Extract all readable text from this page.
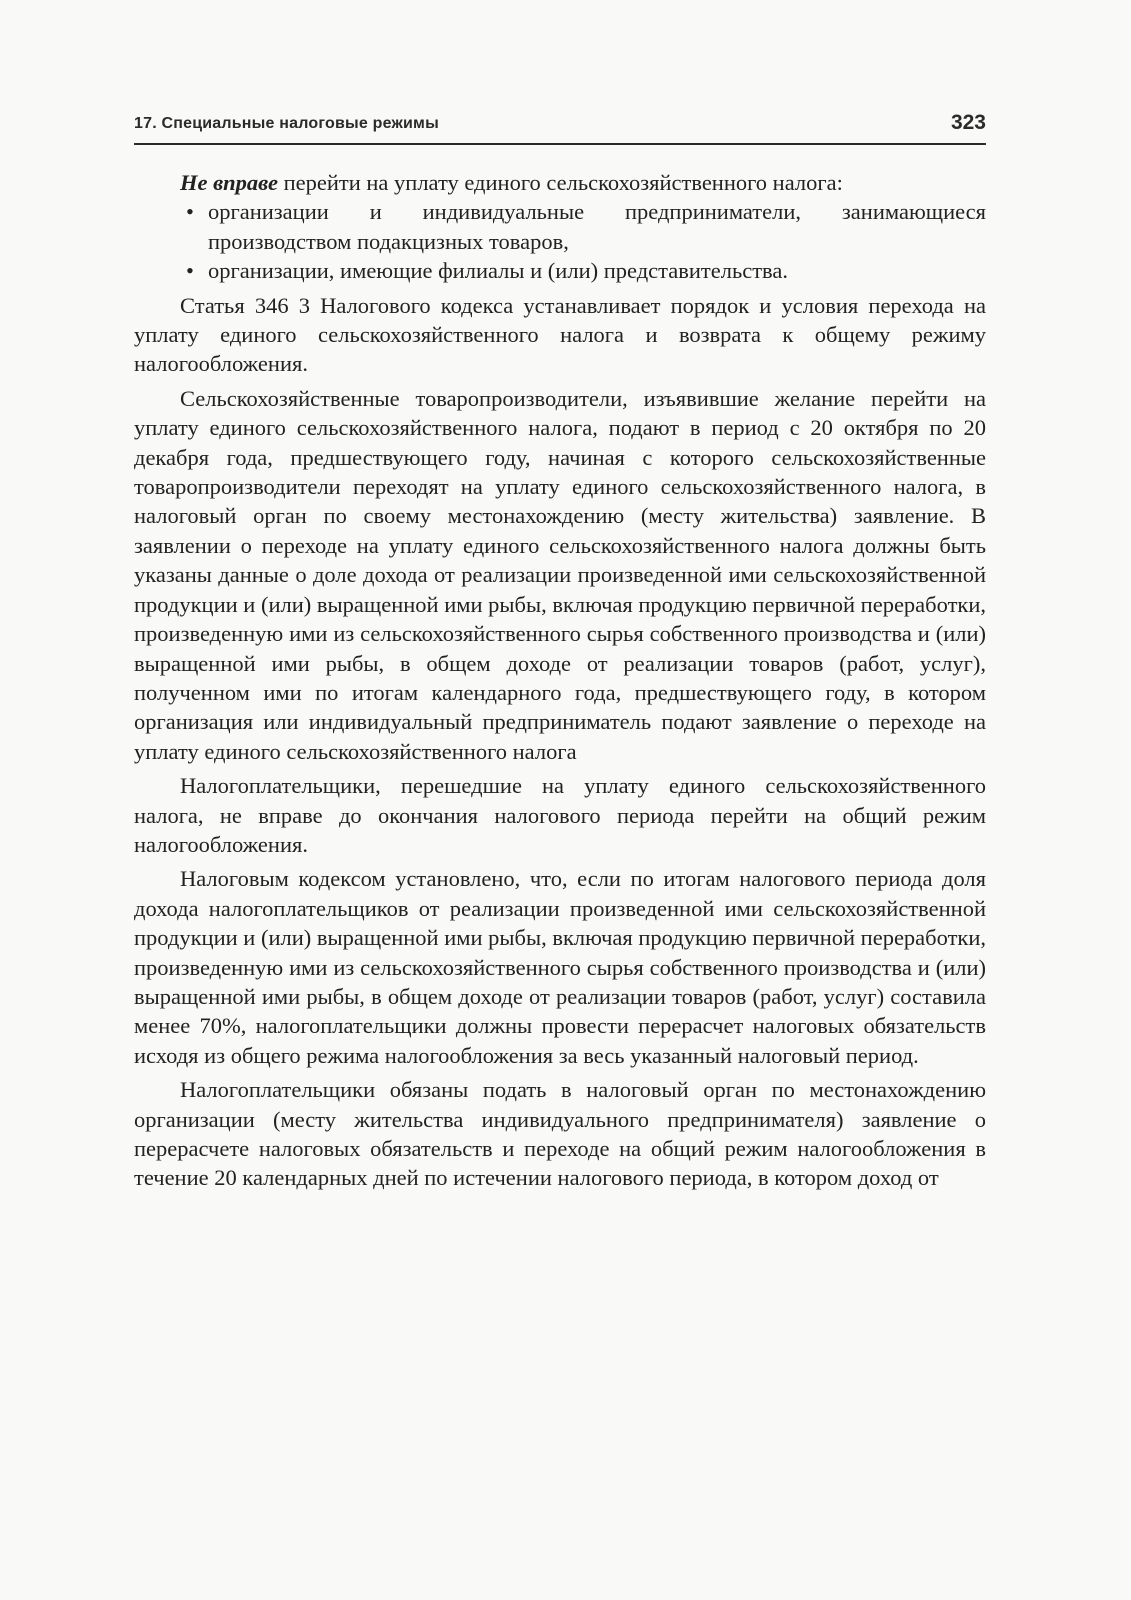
17. Специальные налоговые режимы	323

Не вправе перейти на уплату единого сельскохозяйственного налога:

• организации и индивидуальные предприниматели, занимающиеся производством подакцизных товаров,
• организации, имеющие филиалы и (или) представительства.

Статья 346 3 Налогового кодекса устанавливает порядок и условия перехода на уплату единого сельскохозяйственного налога и возврата к общему режиму налогообложения.

Сельскохозяйственные товаропроизводители, изъявившие желание перейти на уплату единого сельскохозяйственного налога, подают в период с 20 октября по 20 декабря года, предшествующего году, начиная с которого сельскохозяйственные товаропроизводители переходят на уплату единого сельскохозяйственного налога, в налоговый орган по своему местонахождению (месту жительства) заявление. В заявлении о переходе на уплату единого сельскохозяйственного налога должны быть указаны данные о доле дохода от реализации произведенной ими сельскохозяйственной продукции и (или) выращенной ими рыбы, включая продукцию первичной переработки, произведенную ими из сельскохозяйственного сырья собственного производства и (или) выращенной ими рыбы, в общем доходе от реализации товаров (работ, услуг), полученном ими по итогам календарного года, предшествующего году, в котором организация или индивидуальный предприниматель подают заявление о переходе на уплату единого сельскохозяйственного налога

Налогоплательщики, перешедшие на уплату единого сельскохозяйственного налога, не вправе до окончания налогового периода перейти на общий режим налогообложения.

Налоговым кодексом установлено, что, если по итогам налогового периода доля дохода налогоплательщиков от реализации произведенной ими сельскохозяйственной продукции и (или) выращенной ими рыбы, включая продукцию первичной переработки, произведенную ими из сельскохозяйственного сырья собственного производства и (или) выращенной ими рыбы, в общем доходе от реализации товаров (работ, услуг) составила менее 70%, налогоплательщики должны провести перерасчет налоговых обязательств исходя из общего режима налогообложения за весь указанный налоговый период.

Налогоплательщики обязаны подать в налоговый орган по местонахождению организации (месту жительства индивидуального предпринимателя) заявление о перерасчете налоговых обязательств и переходе на общий режим налогообложения в течение 20 календарных дней по истечении налогового периода, в котором доход от
